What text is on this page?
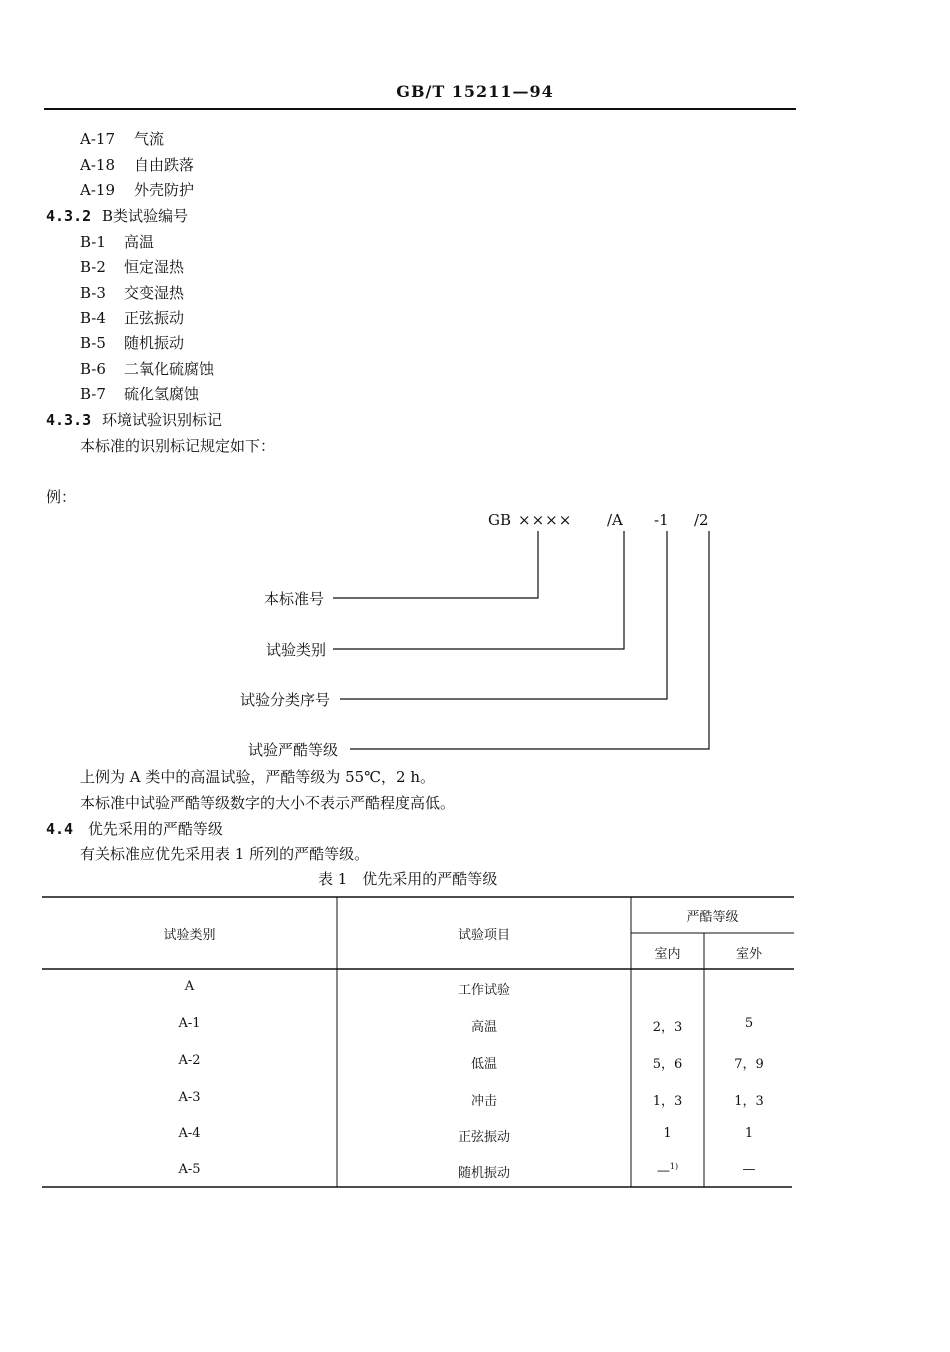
GB/T 15211—94
A-17 气流
A-18 自由跌落
A-19 外壳防护
4.3.2 B类试验编号
B-1 高温
B-2 恒定湿热
B-3 交变湿热
B-4 正弦振动
B-5 随机振动
B-6 二氧化硫腐蚀
B-7 硫化氢腐蚀
4.3.3 环境试验识别标记
本标准的识别标记规定如下：
例：
GB ×××× /A -1 /2
本标准号
试验类别
试验分类序号
试验严酷等级
上例为 A 类中的高温试验，严酷等级为 55℃，2 h。
本标准中试验严酷等级数字的大小不表示严酷程度高低。
4.4 优先采用的严酷等级
有关标准应优先采用表 1 所列的严酷等级。
表 1　优先采用的严酷等级
试验类别	试验项目
严酷等级
室内	室外
A	工作试验
A-1	高温	2，3	5
A-2	低温	5，6	7，9
A-3	冲击	1，3	1，3
A-4	正弦振动	1	1
A-5	随机振动	—$^{1)}$	—
